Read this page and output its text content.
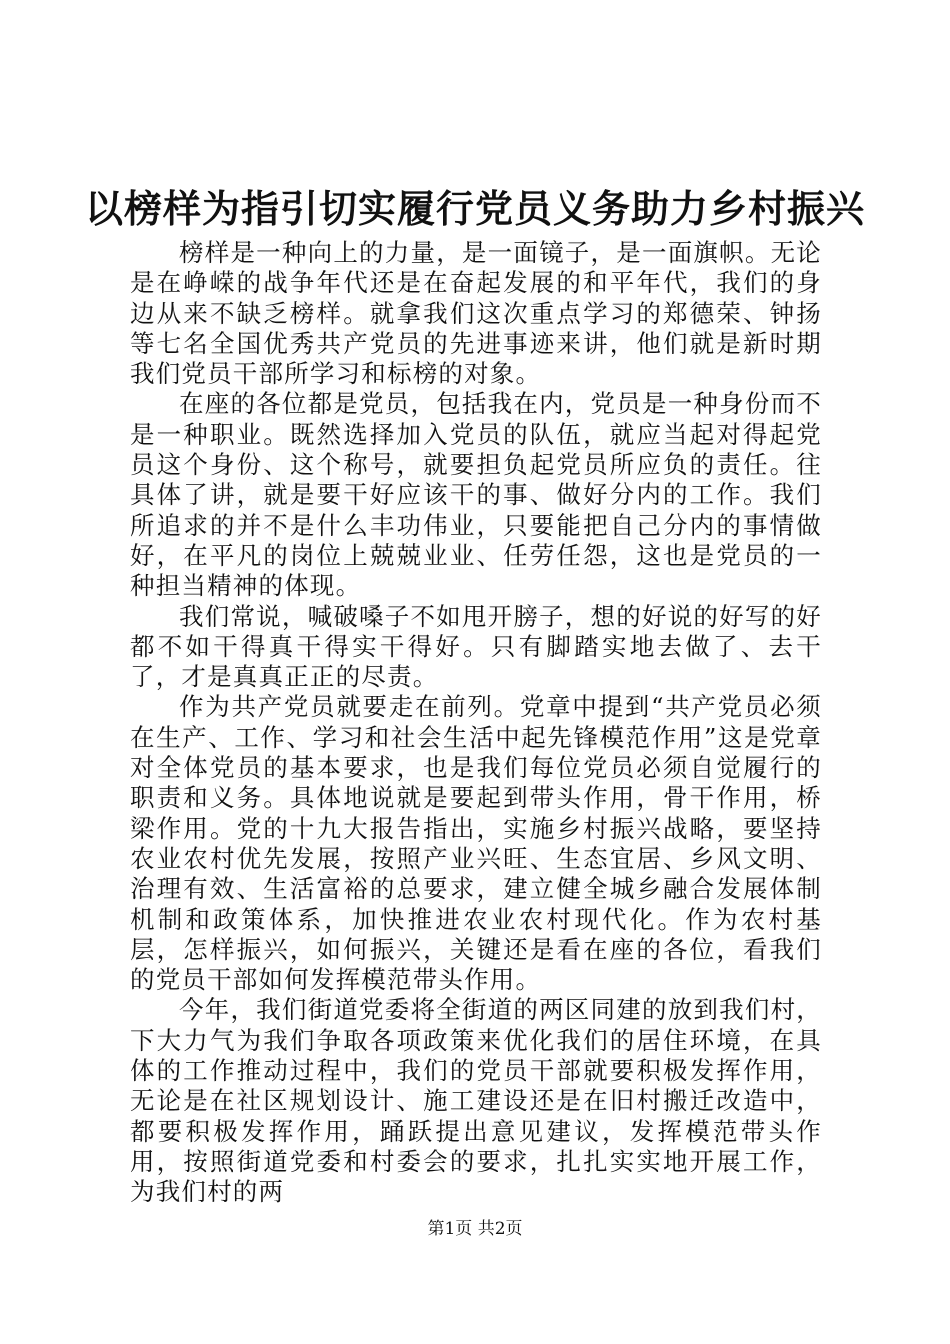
以榜样为指引切实履行党员义务助力乡村振兴

榜样是一种向上的力量，是一面镜子，是一面旗帜。无论是在峥嵘的战争年代还是在奋起发展的和平年代，我们的身边从来不缺乏榜样。就拿我们这次重点学习的郑德荣、钟扬等七名全国优秀共产党员的先进事迹来讲，他们就是新时期我们党员干部所学习和标榜的对象。

在座的各位都是党员，包括我在内，党员是一种身份而不是一种职业。既然选择加入党员的队伍，就应当起对得起党员这个身份、这个称号，就要担负起党员所应负的责任。往具体了讲，就是要干好应该干的事、做好分内的工作。我们所追求的并不是什么丰功伟业，只要能把自己分内的事情做好，在平凡的岗位上兢兢业业、任劳任怨，这也是党员的一种担当精神的体现。

我们常说，喊破嗓子不如甩开膀子，想的好说的好写的好都不如干得真干得实干得好。只有脚踏实地去做了、去干了，才是真真正正的尽责。

作为共产党员就要走在前列。党章中提到“共产党员必须在生产、工作、学习和社会生活中起先锋模范作用”这是党章对全体党员的基本要求，也是我们每位党员必须自觉履行的职责和义务。具体地说就是要起到带头作用，骨干作用，桥梁作用。党的十九大报告指出，实施乡村振兴战略，要坚持农业农村优先发展，按照产业兴旺、生态宜居、乡风文明、治理有效、生活富裕的总要求，建立健全城乡融合发展体制机制和政策体系，加快推进农业农村现代化。作为农村基层，怎样振兴，如何振兴，关键还是看在座的各位，看我们的党员干部如何发挥模范带头作用。

今年，我们街道党委将全街道的两区同建的放到我们村，下大力气为我们争取各项政策来优化我们的居住环境，在具体的工作推动过程中，我们的党员干部就要积极发挥作用，无论是在社区规划设计、施工建设还是在旧村搬迁改造中，都要积极发挥作用，踊跃提出意见建议，发挥模范带头作用，按照街道党委和村委会的要求，扎扎实实地开展工作，为我们村的两

第1页 共2页
